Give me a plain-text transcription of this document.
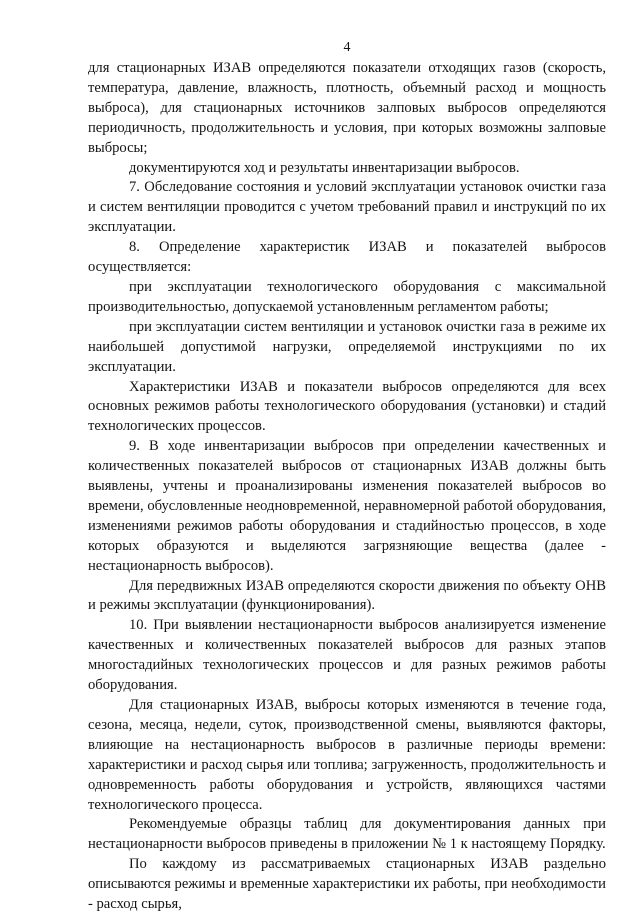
4

для стационарных ИЗАВ определяются показатели отходящих газов (скорость, температура, давление, влажность, плотность, объемный расход и мощность выброса), для стационарных источников залповых выбросов определяются периодичность, продолжительность и условия, при которых возможны залповые выбросы;

документируются ход и результаты инвентаризации выбросов.

7. Обследование состояния и условий эксплуатации установок очистки газа и систем вентиляции проводится с учетом требований правил и инструкций по их эксплуатации.

8. Определение характеристик ИЗАВ и показателей выбросов осуществляется:

при эксплуатации технологического оборудования с максимальной производительностью, допускаемой установленным регламентом работы;

при эксплуатации систем вентиляции и установок очистки газа в режиме их наибольшей допустимой нагрузки, определяемой инструкциями по их эксплуатации.

Характеристики ИЗАВ и показатели выбросов определяются для всех основных режимов работы технологического оборудования (установки) и стадий технологических процессов.

9. В ходе инвентаризации выбросов при определении качественных и количественных показателей выбросов от стационарных ИЗАВ должны быть выявлены, учтены и проанализированы изменения показателей выбросов во времени, обусловленные неодновременной, неравномерной работой оборудования, изменениями режимов работы оборудования и стадийностью процессов, в ходе которых образуются и выделяются загрязняющие вещества (далее - нестационарность выбросов).

Для передвижных ИЗАВ определяются скорости движения по объекту ОНВ и режимы эксплуатации (функционирования).

10. При выявлении нестационарности выбросов анализируется изменение качественных и количественных показателей выбросов для разных этапов многостадийных технологических процессов и для разных режимов работы оборудования.

Для стационарных ИЗАВ, выбросы которых изменяются в течение года, сезона, месяца, недели, суток, производственной смены, выявляются факторы, влияющие на нестационарность выбросов в различные периоды времени: характеристики и расход сырья или топлива; загруженность, продолжительность и одновременность работы оборудования и устройств, являющихся частями технологического процесса.

Рекомендуемые образцы таблиц для документирования данных при нестационарности выбросов приведены в приложении № 1 к настоящему Порядку.

По каждому из рассматриваемых стационарных ИЗАВ раздельно описываются режимы и временные характеристики их работы, при необходимости - расход сырья,
